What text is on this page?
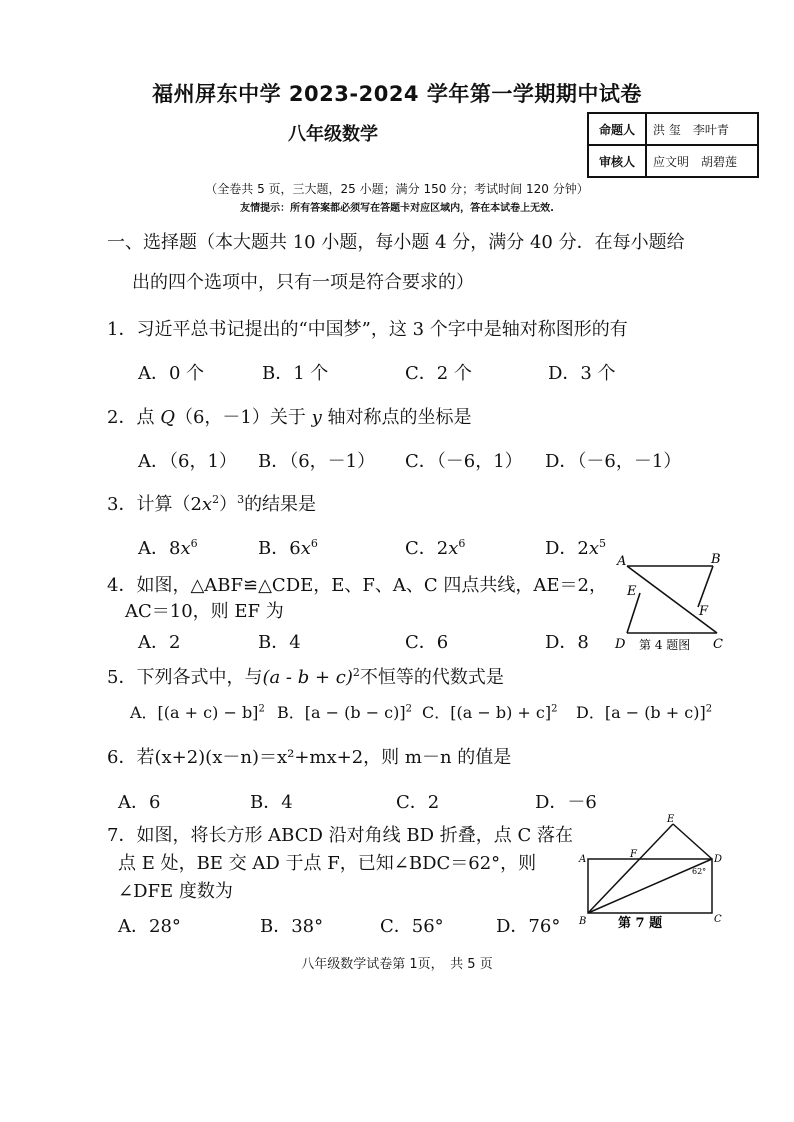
福州屏东中学 2023-2024 学年第一学期期中试卷
八年级数学	命题人	洪 玺　李叶青
审核人	应文明　胡碧莲
（全卷共 5 页，三大题，25 小题；满分 150 分；考试时间 120 分钟）
友情提示：所有答案都必须写在答题卡对应区域内，答在本试卷上无效.
一、选择题（本大题共 10 小题，每小题 4 分，满分 40 分．在每小题给
出的四个选项中，只有一项是符合要求的）
1．习近平总书记提出的“中国梦”，这 3 个字中是轴对称图形的有
A．0 个	B．1 个	C．2 个	D．3 个
2．点 Q（6，－1）关于 y 轴对称点的坐标是
A．（6，1） B．（6，－1） C．（－6，1） D．（－6，－1）
3．计算$(2x^2)^3$的结果是
A．$8x^6$	B．$6x^6$	C．$2x^6$	D．$2x^5$
4．如图，△ABF≌△CDE，E、F、A、C 四点共线，AE＝2，
AC＝10，则 EF 为
A．2	B．4	C．6	D．8
A	B
E
F
D	C
第 4 题图
5．下列各式中，与$(a - b + c)^2$不恒等的代数式是
A．$[(a + c) - b]^2$ B．$[a - (b - c)]^2$ C．$[(a - b) + c]^2$ D．$[a - (b + c)]^2$
6．若(x+2)(x－n)＝x²+mx+2，则 m－n 的值是
A．6	B．4	C．2	D．－6
7．如图，将长方形 ABCD 沿对角线 BD 折叠，点 C 落在
点 E 处，BE 交 AD 于点 F，已知∠BDC＝62°，则
∠DFE 度数为
A．28°	B．38°	C．56°	D．76°
E
A	F	D
62°
B	C
第 7 题
八年级数学试卷第 1页，　共 5 页
